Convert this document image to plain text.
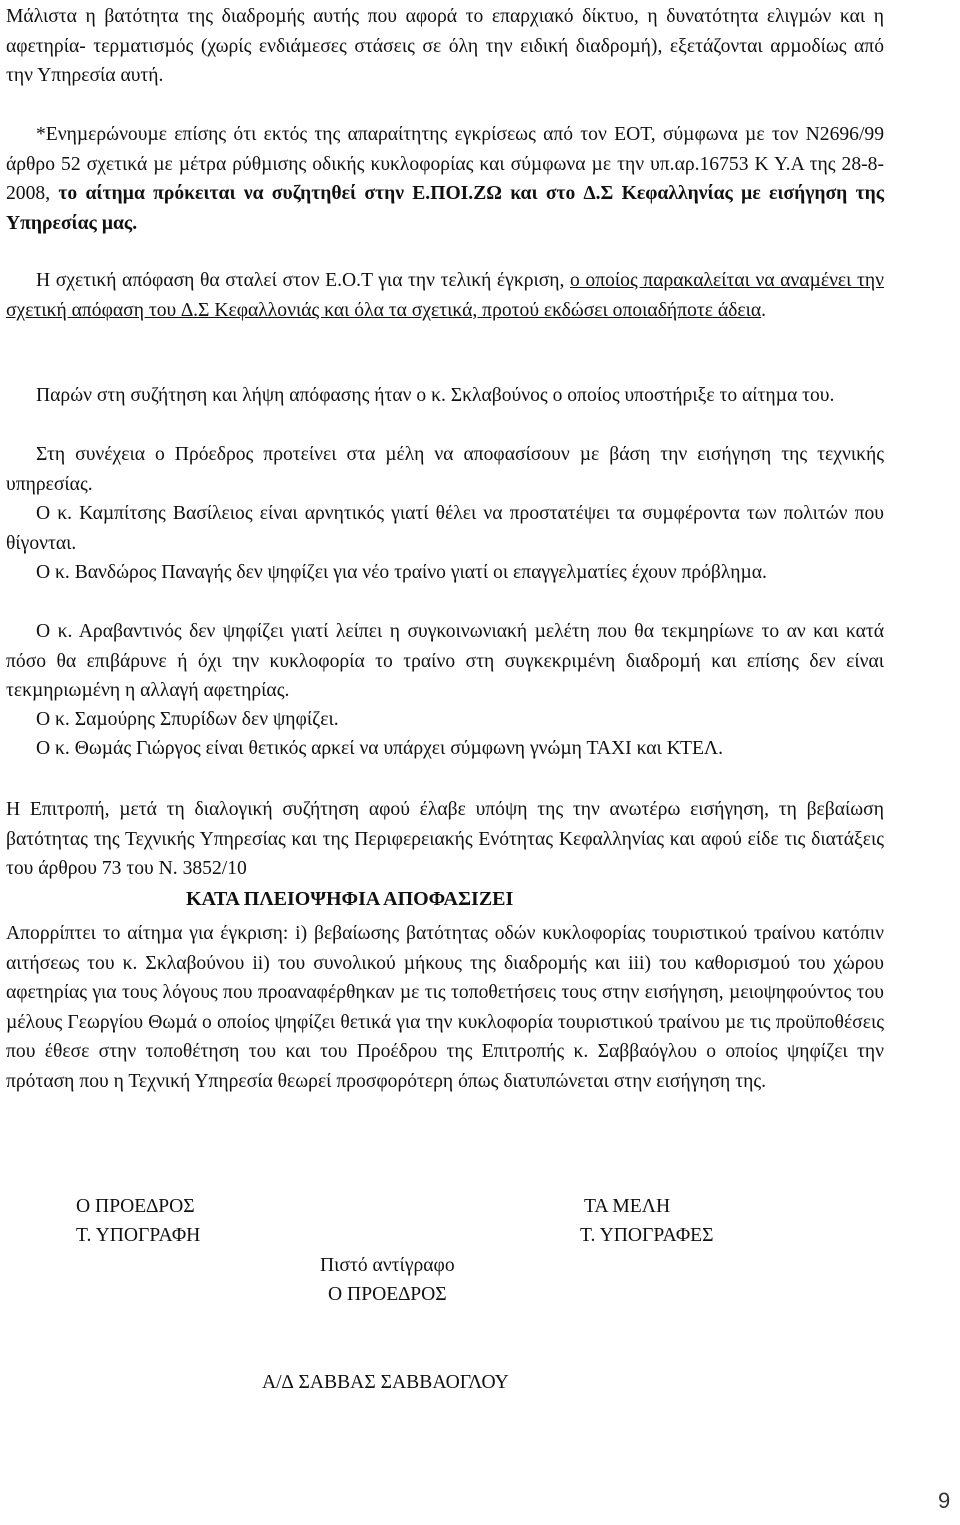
Μάλιστα η βατότητα της διαδροµής αυτής που αφορά το επαρχιακό δίκτυο, η δυνατότητα ελιγµών και η αφετηρία- τερµατισµός (χωρίς ενδιάµεσες στάσεις σε όλη την ειδική διαδροµή), εξετάζονται αρµοδίως από την Υπηρεσία αυτή.

*Ενηµερώνουµε επίσης ότι εκτός της απαραίτητης εγκρίσεως από τον ΕΟΤ, σύµφωνα µε τον Ν2696/99 άρθρο 52 σχετικά µε µέτρα ρύθµισης οδικής κυκλοφορίας και σύµφωνα µε την υπ.αρ.16753 Κ Υ.Α της 28-8-2008, το αίτηµα πρόκειται να συζητηθεί στην Ε.ΠΟΙ.ΖΩ και στο ∆.Σ Κεφαλληνίας µε εισήγηση της Υπηρεσίας µας.

Η σχετική απόφαση θα σταλεί στον Ε.Ο.Τ για την τελική έγκριση, ο οποίος παρακαλείται να αναµένει την σχετική απόφαση του ∆.Σ Κεφαλλονιάς και όλα τα σχετικά, προτού εκδώσει οποιαδήποτε άδεια.

Παρών στη συζήτηση και λήψη απόφασης ήταν ο κ. Σκλαβούνος ο οποίος υποστήριξε το αίτηµα του.

Στη συνέχεια ο Πρόεδρος προτείνει στα µέλη να αποφασίσουν µε βάση την εισήγηση της τεχνικής υπηρεσίας.

Ο κ. Καµπίτσης Βασίλειος είναι αρνητικός γιατί θέλει να προστατέψει τα συµφέροντα των πολιτών που θίγονται.

Ο κ. Βανδώρος Παναγής δεν ψηφίζει για νέο τραίνο γιατί οι επαγγελµατίες έχουν πρόβληµα.

Ο κ. Αραβαντινός δεν ψηφίζει γιατί λείπει η συγκοινωνιακή µελέτη που θα τεκµηρίωνε το αν και κατά πόσο θα επιβάρυνε ή όχι την κυκλοφορία το τραίνο στη συγκεκριµένη διαδροµή και επίσης δεν είναι τεκµηριωµένη η αλλαγή αφετηρίας.

Ο κ. Σαµούρης Σπυρίδων δεν ψηφίζει.

Ο κ. Θωµάς Γιώργος είναι θετικός αρκεί να υπάρχει σύµφωνη γνώµη ΤΑΧΙ και ΚΤΕΛ.

Η Επιτροπή, µετά τη διαλογική συζήτηση αφού έλαβε υπόψη της την ανωτέρω εισήγηση, τη βεβαίωση βατότητας της Τεχνικής Υπηρεσίας και της Περιφερειακής Ενότητας Κεφαλληνίας και αφού είδε τις διατάξεις του άρθρου 73 του Ν. 3852/10

ΚΑΤΑ ΠΛΕΙΟΨΗΦΙΑ ΑΠΟΦΑΣΙΖΕΙ

Απορρίπτει το αίτηµα για έγκριση: i) βεβαίωσης βατότητας οδών κυκλοφορίας τουριστικού τραίνου κατόπιν αιτήσεως του κ. Σκλαβούνου ii) του συνολικού µήκους της διαδροµής και iii) του καθορισµού του χώρου αφετηρίας για τους λόγους που προαναφέρθηκαν µε τις τοποθετήσεις τους στην εισήγηση, µειοψηφούντος του µέλους Γεωργίου Θωµά ο οποίος ψηφίζει θετικά για την κυκλοφορία τουριστικού τραίνου µε τις προϋποθέσεις που έθεσε στην τοποθέτηση του και του Προέδρου της Επιτροπής κ. Σαββαόγλου ο οποίος ψηφίζει την πρόταση που η Τεχνική Υπηρεσία θεωρεί προσφορότερη όπως διατυπώνεται στην εισήγηση της.

Ο ΠΡΟΕ∆ΡΟΣ
Τ. ΥΠΟΓΡΑΦΗ
ΤΑ ΜΕΛΗ
Τ. ΥΠΟΓΡΑΦΕΣ
Πιστό αντίγραφο
Ο ΠΡΟΕ∆ΡΟΣ
Α/∆ ΣΑΒΒΑΣ ΣΑΒΒΑΟΓΛΟΥ
9
